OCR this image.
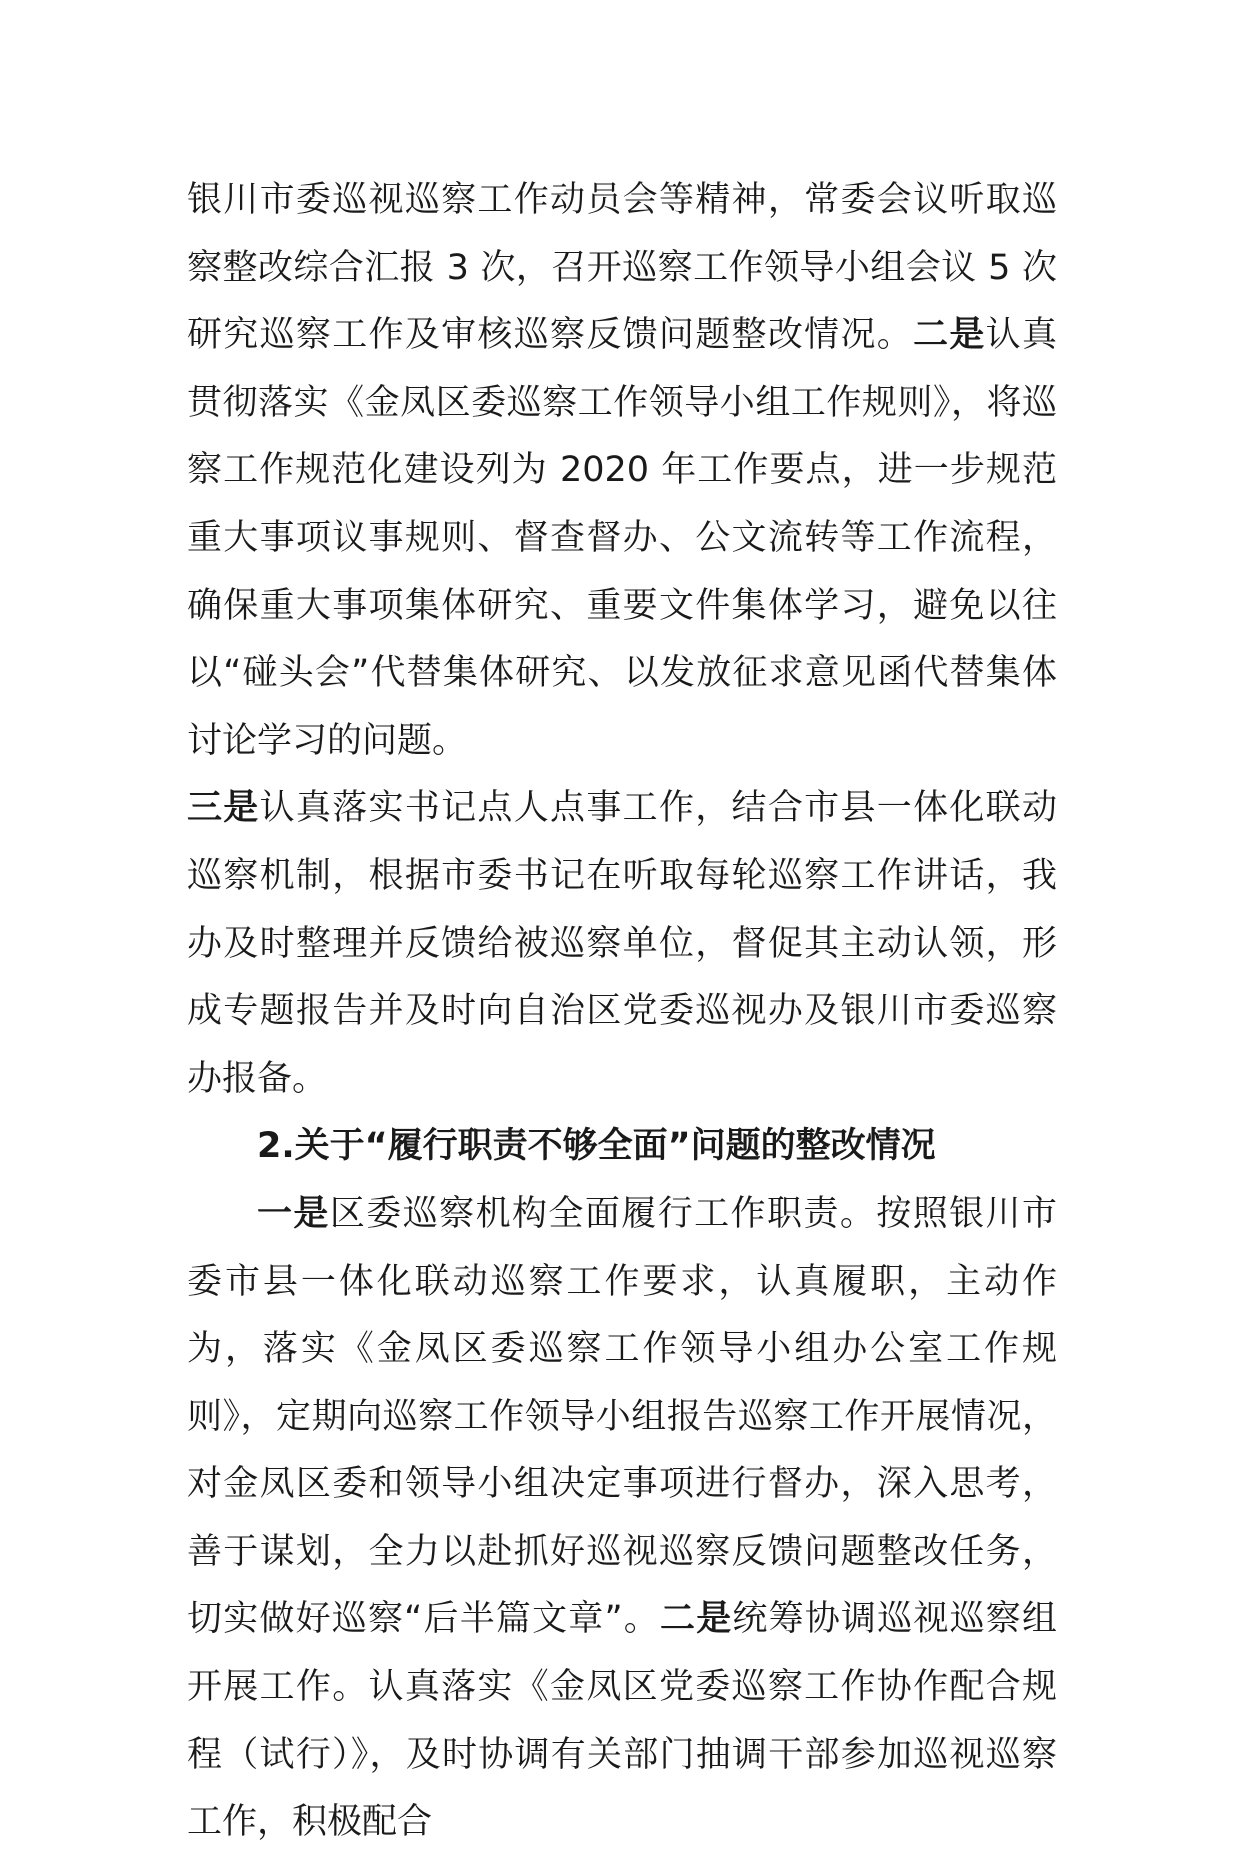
银川市委巡视巡察工作动员会等精神，常委会议听取巡察整改综合汇报 3 次，召开巡察工作领导小组会议 5 次研究巡察工作及审核巡察反馈问题整改情况。二是认真贯彻落实《金凤区委巡察工作领导小组工作规则》，将巡察工作规范化建设列为 2020 年工作要点，进一步规范重大事项议事规则、督查督办、公文流转等工作流程，确保重大事项集体研究、重要文件集体学习，避免以往以“碰头会”代替集体研究、以发放征求意见函代替集体讨论学习的问题。

三是认真落实书记点人点事工作，结合市县一体化联动巡察机制，根据市委书记在听取每轮巡察工作讲话，我办及时整理并反馈给被巡察单位，督促其主动认领，形成专题报告并及时向自治区党委巡视办及银川市委巡察办报备。

2.关于“履行职责不够全面”问题的整改情况

一是区委巡察机构全面履行工作职责。按照银川市委市县一体化联动巡察工作要求，认真履职，主动作为，落实《金凤区委巡察工作领导小组办公室工作规则》，定期向巡察工作领导小组报告巡察工作开展情况，对金凤区委和领导小组决定事项进行督办，深入思考，善于谋划，全力以赴抓好巡视巡察反馈问题整改任务，切实做好巡察“后半篇文章”。二是统筹协调巡视巡察组开展工作。认真落实《金凤区党委巡察工作协作配合规程（试行）》，及时协调有关部门抽调干部参加巡视巡察工作，积极配合
